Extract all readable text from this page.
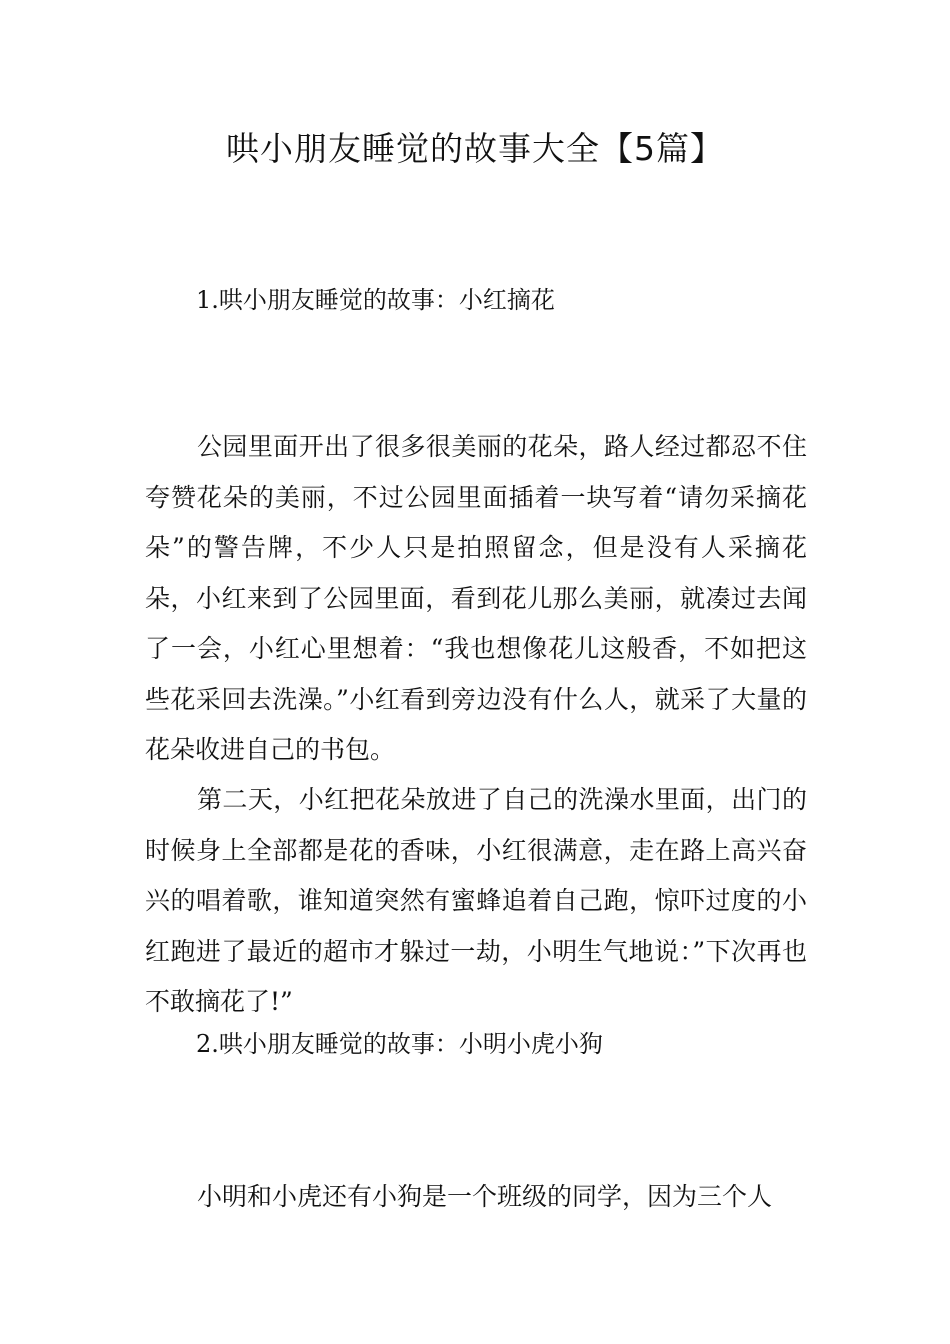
哄小朋友睡觉的故事大全【5篇】
1.哄小朋友睡觉的故事：小红摘花

公园里面开出了很多很美丽的花朵，路人经过都忍不住夸赞花朵的美丽，不过公园里面插着一块写着“请勿采摘花朵”的警告牌，不少人只是拍照留念，但是没有人采摘花朵，小红来到了公园里面，看到花儿那么美丽，就凑过去闻了一会，小红心里想着：“我也想像花儿这般香，不如把这些花采回去洗澡。”小红看到旁边没有什么人，就采了大量的花朵收进自己的书包。

第二天，小红把花朵放进了自己的洗澡水里面，出门的时候身上全部都是花的香味，小红很满意，走在路上高兴奋兴的唱着歌，谁知道突然有蜜蜂追着自己跑，惊吓过度的小红跑进了最近的超市才躲过一劫，小明生气地说：”下次再也不敢摘花了!”

2.哄小朋友睡觉的故事：小明小虎小狗

小明和小虎还有小狗是一个班级的同学，因为三个人
